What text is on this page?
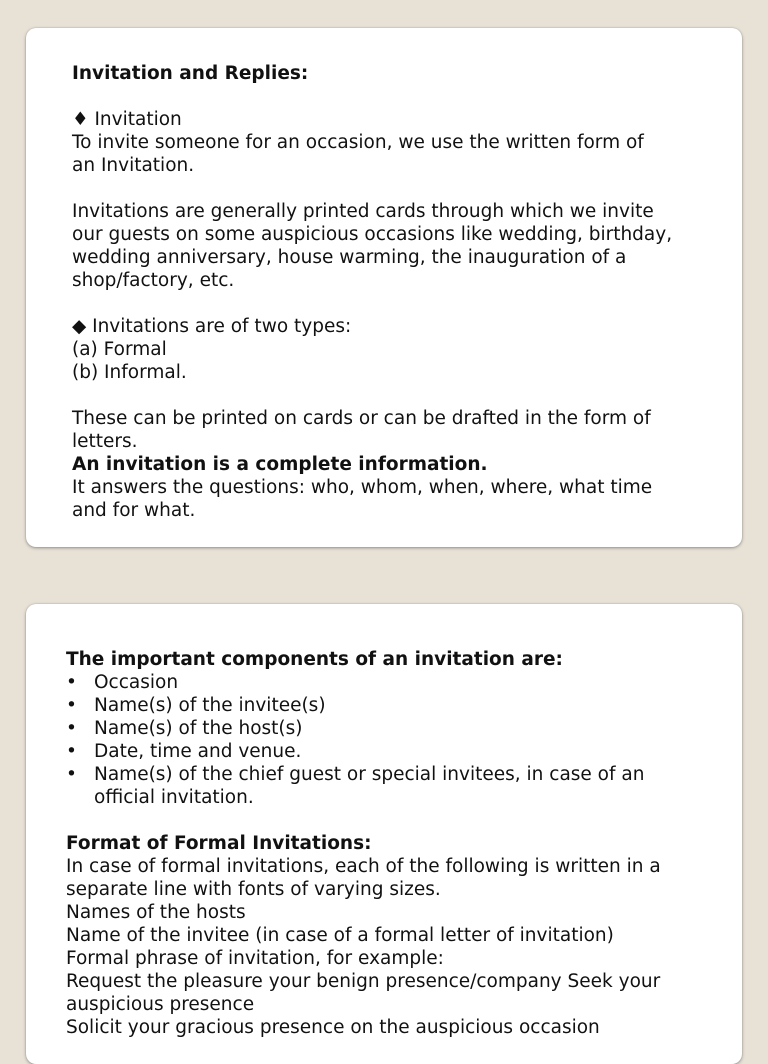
Invitation and Replies:

♦ Invitation

To invite someone for an occasion, we use the written form of

an Invitation.

Invitations are generally printed cards through which we invite

our guests on some auspicious occasions like wedding, birthday,

wedding anniversary, house warming, the inauguration of a

shop/factory, etc.

◆ Invitations are of two types:

(a) Formal

(b) Informal.

These can be printed on cards or can be drafted in the form of

letters.

An invitation is a complete information.

It answers the questions: who, whom, when, where, what time

and for what.

The important components of an invitation are:

• Occasion
• Name(s) of the invitee(s)
• Name(s) of the host(s)
• Date, time and venue.
• Name(s) of the chief guest or special invitees, in case of an official invitation.

Format of Formal Invitations:

In case of formal invitations, each of the following is written in a

separate line with fonts of varying sizes.

Names of the hosts

Name of the invitee (in case of a formal letter of invitation)

Formal phrase of invitation, for example:

Request the pleasure your benign presence/company Seek your

auspicious presence

Solicit your gracious presence on the auspicious occasion
